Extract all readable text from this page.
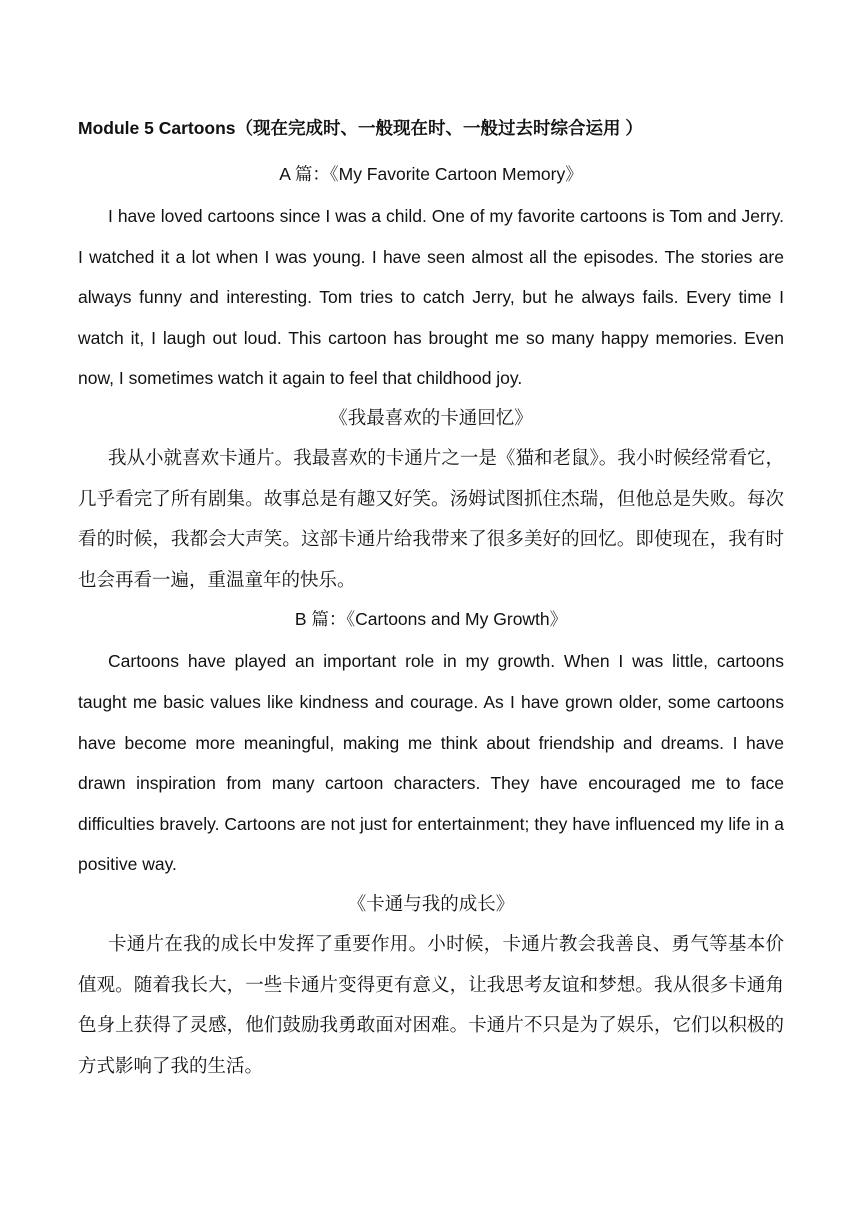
Module 5 Cartoons（现在完成时、一般现在时、一般过去时综合运用 ）
A 篇：《My Favorite Cartoon Memory》

I have loved cartoons since I was a child. One of my favorite cartoons is Tom and Jerry. I watched it a lot when I was young. I have seen almost all the episodes. The stories are always funny and interesting. Tom tries to catch Jerry, but he always fails. Every time I watch it, I laugh out loud. This cartoon has brought me so many happy memories. Even now, I sometimes watch it again to feel that childhood joy.

《我最喜欢的卡通回忆》

我从小就喜欢卡通片。我最喜欢的卡通片之一是《猫和老鼠》。我小时候经常看它，几乎看完了所有剧集。故事总是有趣又好笑。汤姆试图抓住杰瑞，但他总是失败。每次看的时候，我都会大声笑。这部卡通片给我带来了很多美好的回忆。即使现在，我有时也会再看一遍，重温童年的快乐。

B 篇：《Cartoons and My Growth》

Cartoons have played an important role in my growth. When I was little, cartoons taught me basic values like kindness and courage. As I have grown older, some cartoons have become more meaningful, making me think about friendship and dreams. I have drawn inspiration from many cartoon characters. They have encouraged me to face difficulties bravely. Cartoons are not just for entertainment; they have influenced my life in a positive way.

《卡通与我的成长》

卡通片在我的成长中发挥了重要作用。小时候，卡通片教会我善良、勇气等基本价值观。随着我长大，一些卡通片变得更有意义，让我思考友谊和梦想。我从很多卡通角色身上获得了灵感，他们鼓励我勇敢面对困难。卡通片不只是为了娱乐，它们以积极的方式影响了我的生活。
